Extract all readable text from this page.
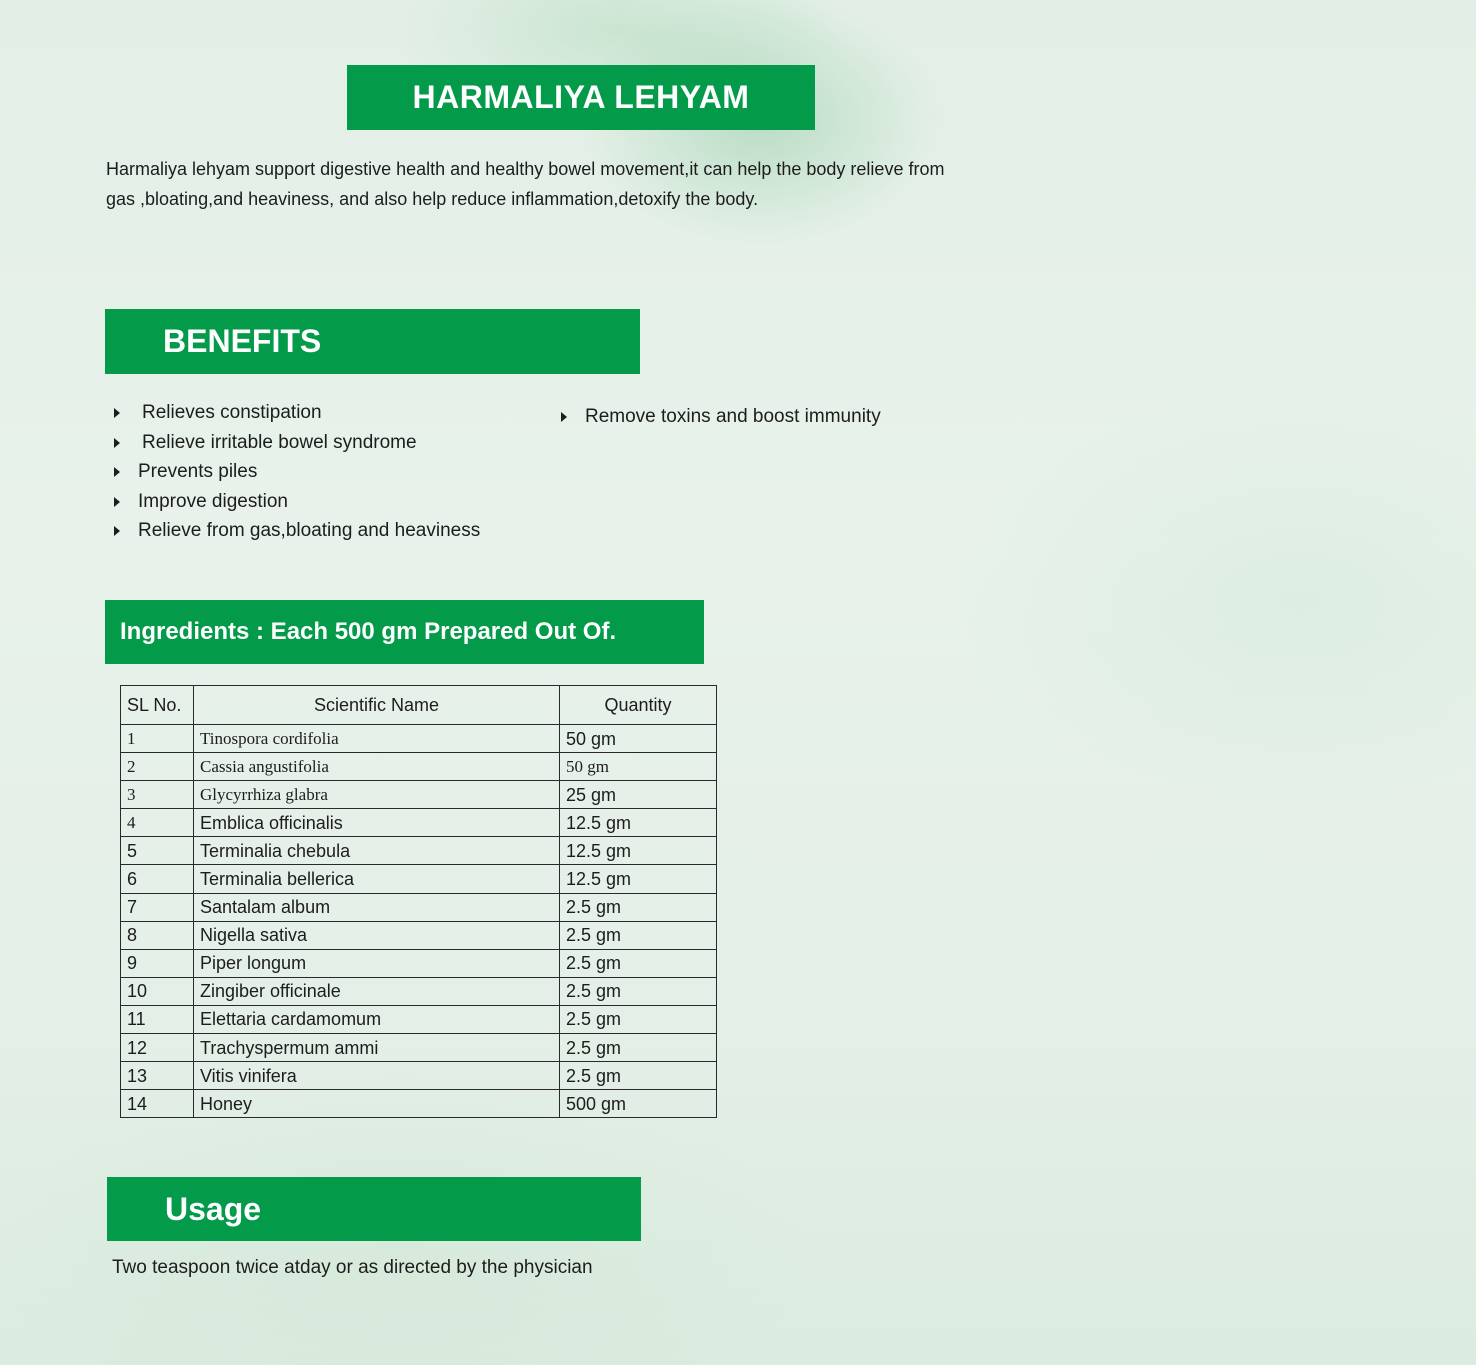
HARMALIYA LEHYAM

Harmaliya lehyam support digestive health and healthy bowel movement,it can help the body relieve from
gas ,bloating,and heaviness, and also help reduce inflammation,detoxify the body.

BENEFITS
Relieves constipation
Relieve irritable bowel syndrome
Prevents piles
Improve digestion
Relieve from gas,bloating and heaviness
Remove toxins and boost immunity
Ingredients : Each 500 gm Prepared Out Of.
SL No.	Scientific Name	Quantity
1	Tinospora cordifolia	50 gm
2	Cassia angustifolia	50 gm
3	Glycyrrhiza glabra	25 gm
4	Emblica officinalis	12.5 gm
5	Terminalia chebula	12.5 gm
6	Terminalia bellerica	12.5 gm
7	Santalam album	2.5 gm
8	Nigella sativa	2.5 gm
9	Piper longum	2.5 gm
10	Zingiber officinale	2.5 gm
11	Elettaria cardamomum	2.5 gm
12	Trachyspermum ammi	2.5 gm
13	Vitis vinifera	2.5 gm
14	Honey	500 gm
Usage

Two teaspoon twice atday or as directed by the physician
